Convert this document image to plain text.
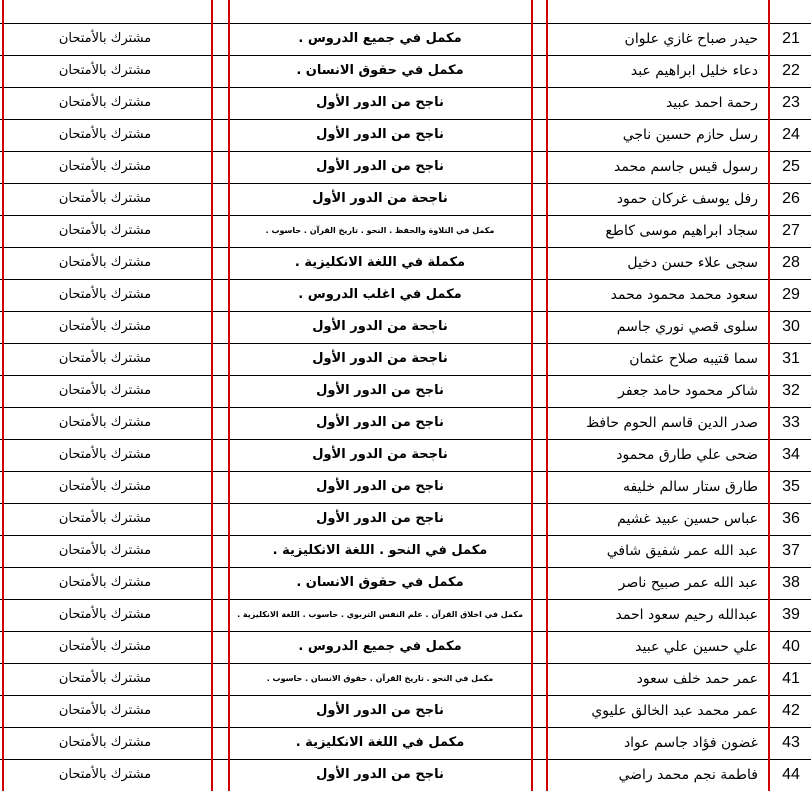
21
حيدر صباح غازي علوان
مكمل في جميع الدروس .
مشترك بالأمتحان
22
دعاء خليل ابراهيم عبد
مكمل في حقوق الانسان .
مشترك بالأمتحان
23
رحمة احمد عبيد
ناجح من الدور الأول
مشترك بالأمتحان
24
رسل حازم حسين ناجي
ناجح من الدور الأول
مشترك بالأمتحان
25
رسول قيس جاسم محمد
ناجح من الدور الأول
مشترك بالأمتحان
26
رفل يوسف غركان حمود
ناجحة من الدور الأول
مشترك بالأمتحان
27
سجاد ابراهيم موسى كاطع
مكمل في التلاوة والحفظ . النحو . تاريخ القرآن . حاسوب .
مشترك بالأمتحان
28
سجى علاء حسن دخيل
مكملة في اللغة الانكليزية .
مشترك بالأمتحان
29
سعود محمد محمود محمد
مكمل في اغلب الدروس .
مشترك بالأمتحان
30
سلوى قصي نوري جاسم
ناجحة من الدور الأول
مشترك بالأمتحان
31
سما قتيبه صلاح عثمان
ناجحة من الدور الأول
مشترك بالأمتحان
32
شاكر محمود حامد جعفر
ناجح من الدور الأول
مشترك بالأمتحان
33
صدر الدين قاسم الحوم حافظ
ناجح من الدور الأول
مشترك بالأمتحان
34
ضحى علي طارق محمود
ناجحة من الدور الأول
مشترك بالأمتحان
35
طارق ستار سالم خليفه
ناجح من الدور الأول
مشترك بالأمتحان
36
عباس حسين عبيد غشيم
ناجح من الدور الأول
مشترك بالأمتحان
37
عبد الله عمر شفيق شافي
مكمل في النحو . اللغة الانكليزية .
مشترك بالأمتحان
38
عبد الله عمر صبيح ناصر
مكمل في حقوق الانسان .
مشترك بالأمتحان
39
عبدالله رحيم سعود احمد
مكمل في اخلاق القرآن . علم النفس التربوي . حاسوب . اللغة الانكليزية .
مشترك بالأمتحان
40
علي حسين علي عبيد
مكمل في جميع الدروس .
مشترك بالأمتحان
41
عمر حمد خلف سعود
مكمل في النحو . تاريخ القرآن . حقوق الانسان . حاسوب .
مشترك بالأمتحان
42
عمر محمد عبد الخالق عليوي
ناجح من الدور الأول
مشترك بالأمتحان
43
غضون فؤاد جاسم عواد
مكمل في اللغة الانكليزية .
مشترك بالأمتحان
44
فاطمة نجم محمد راضي
ناجح من الدور الأول
مشترك بالأمتحان
